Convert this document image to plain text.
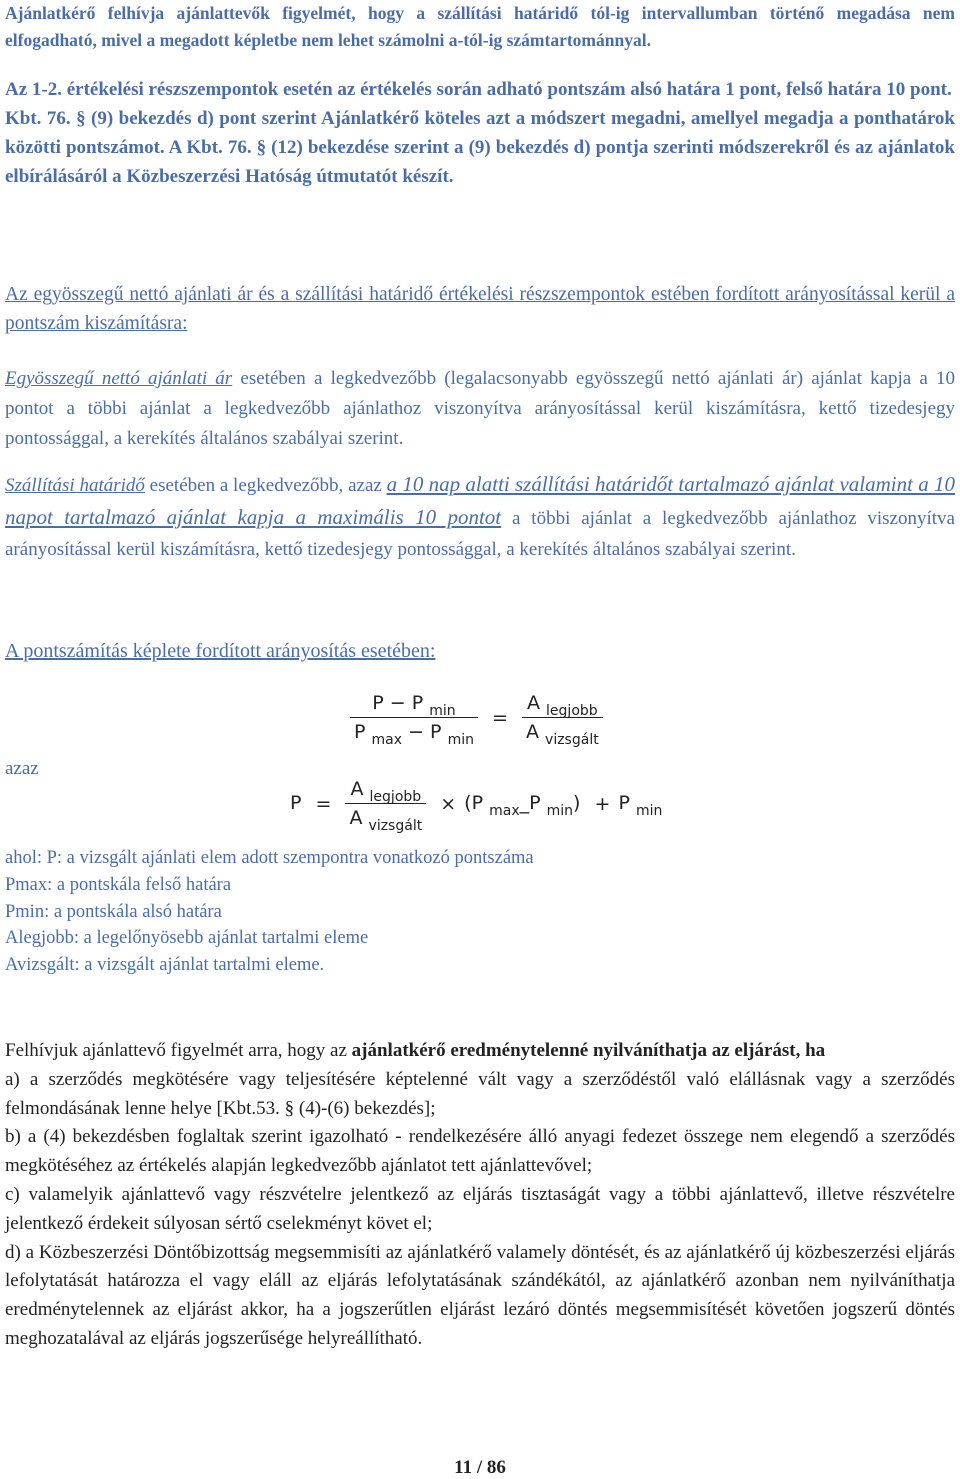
Ajánlatkérő felhívja ajánlattevők figyelmét, hogy a szállítási határidő tól-ig intervallumban történő megadása nem elfogadható, mivel a megadott képletbe nem lehet számolni a-tól-ig számtartománnyal.

Az 1-2. értékelési részszempontok esetén az értékelés során adható pontszám alsó határa 1 pont, felső határa 10 pont.
Kbt. 76. § (9) bekezdés d) pont szerint Ajánlatkérő köteles azt a módszert megadni, amellyel megadja a ponthatárok közötti pontszámot. A Kbt. 76. § (12) bekezdése szerint a (9) bekezdés d) pontja szerinti módszerekről és az ajánlatok elbírálásáról a Közbeszerzési Hatóság útmutatót készít.

Az egyösszegű nettó ajánlati ár és a szállítási határidő értékelési részszempontok estében fordított arányosítással kerül a pontszám kiszámításra:

Egyösszegű nettó ajánlati ár esetében a legkedvezőbb (legalacsonyabb egyösszegű nettó ajánlati ár) ajánlat kapja a 10 pontot a többi ajánlat a legkedvezőbb ajánlathoz viszonyítva arányosítással kerül kiszámításra, kettő tizedesjegy pontossággal, a kerekítés általános szabályai szerint.

Szállítási határidő esetében a legkedvezőbb, azaz a 10 nap alatti szállítási határidőt tartalmazó ajánlat valamint a 10 napot tartalmazó ajánlat kapja a maximális 10 pontot a többi ajánlat a legkedvezőbb ajánlathoz viszonyítva arányosítással kerül kiszámításra, kettő tizedesjegy pontossággal, a kerekítés általános szabályai szerint.

A pontszámítás képlete fordított arányosítás esetében:
$\frac{P - P _{min}}{P _{max} - P _{min}} = \frac{A _{legjobb}}{A _{vizsgált}}$
azaz
$P = \frac{A _{legjobb}}{A _{vizsgált}} \times (P$ $_{max}$_P $_{min}$) + P $_{min}$
ahol: P: a vizsgált ajánlati elem adott szempontra vonatkozó pontszáma
Pmax: a pontskála felső határa
Pmin: a pontskála alsó határa
Alegjobb: a legelőnyösebb ajánlat tartalmi eleme
Avizsgált: a vizsgált ajánlat tartalmi eleme.

Felhívjuk ajánlattevő figyelmét arra, hogy az ajánlatkérő eredménytelenné nyilváníthatja az eljárást, ha

a) a szerződés megkötésére vagy teljesítésére képtelenné vált vagy a szerződéstől való elállásnak vagy a szerződés felmondásának lenne helye [Kbt.53. § (4)-(6) bekezdés];

b) a (4) bekezdésben foglaltak szerint igazolható - rendelkezésére álló anyagi fedezet összege nem elegendő a szerződés megkötéséhez az értékelés alapján legkedvezőbb ajánlatot tett ajánlattevővel;

c) valamelyik ajánlattevő vagy részvételre jelentkező az eljárás tisztaságát vagy a többi ajánlattevő, illetve részvételre jelentkező érdekeit súlyosan sértő cselekményt követ el;

d) a Közbeszerzési Döntőbizottság megsemmisíti az ajánlatkérő valamely döntését, és az ajánlatkérő új közbeszerzési eljárás lefolytatását határozza el vagy eláll az eljárás lefolytatásának szándékától, az ajánlatkérő azonban nem nyilváníthatja eredménytelennek az eljárást akkor, ha a jogszerűtlen eljárást lezáró döntés megsemmisítését követően jogszerű döntés meghozatalával az eljárás jogszerűsége helyreállítható.

11 / 86
